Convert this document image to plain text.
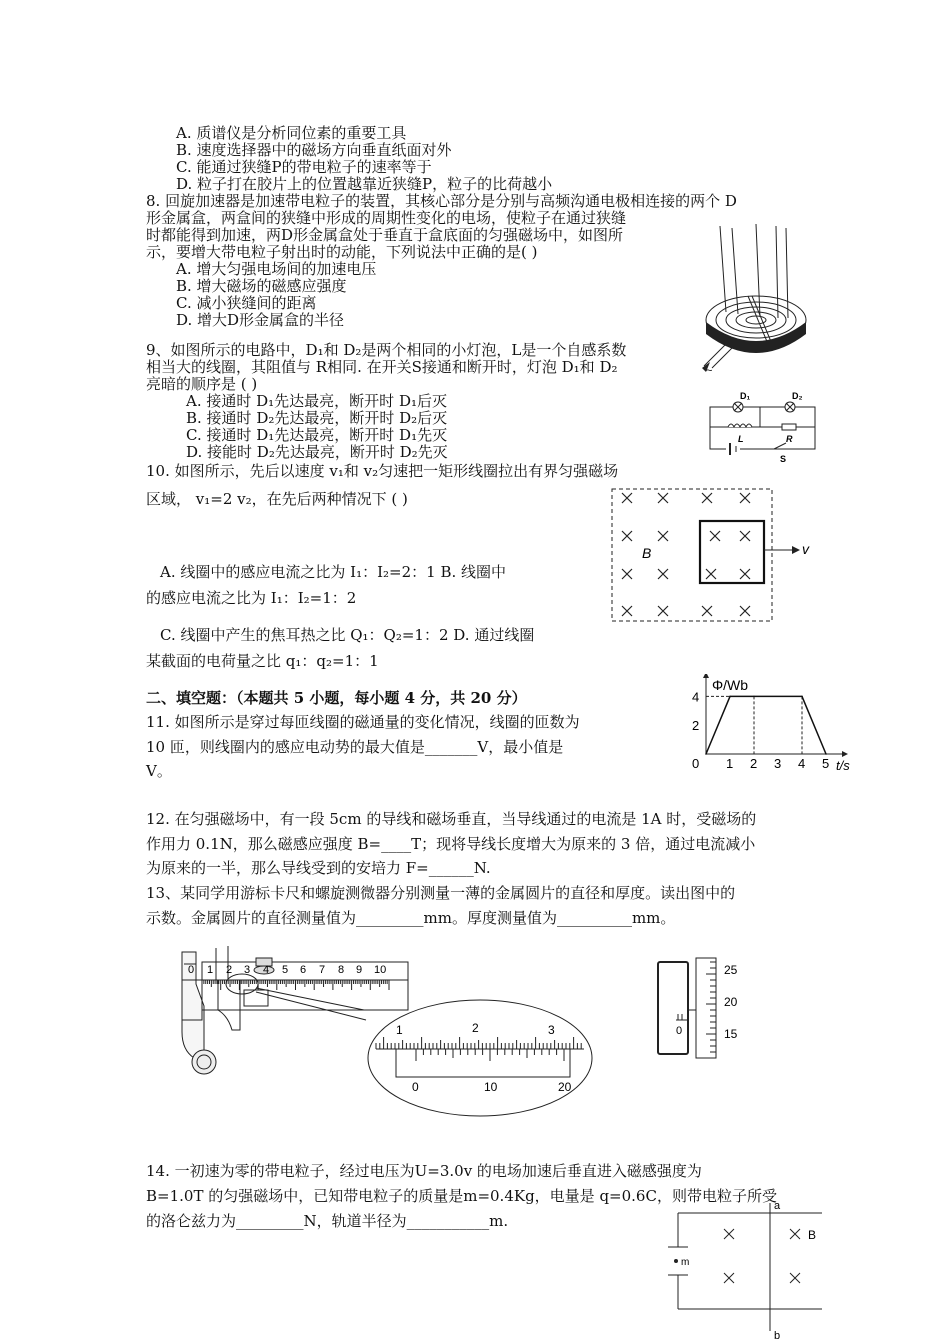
A. 质谱仪是分析同位素的重要工具
B. 速度选择器中的磁场方向垂直纸面对外
C. 能通过狭缝P的带电粒子的速率等于
D. 粒子打在胶片上的位置越靠近狭缝P，粒子的比荷越小
8. 回旋加速器是加速带电粒子的装置，其核心部分是分别与高频沟通电极相连接的两个 D
形金属盒，两盒间的狭缝中形成的周期性变化的电场，使粒子在通过狭缝
时都能得到加速，两D形金属盒处于垂直于盒底面的匀强磁场中，如图所
示，要增大带电粒子射出时的动能，下列说法中正确的是( )
A. 增大匀强电场间的加速电压
B. 增大磁场的磁感应强度
C. 减小狭缝间的距离
D. 增大D形金属盒的半径
~
9、如图所示的电路中，D₁和 D₂是两个相同的小灯泡，L是一个自感系数
相当大的线圈，其阻值与 R相同. 在开关S接通和断开时，灯泡 D₁和 D₂
亮暗的顺序是 ( )
A. 接通时 D₁先达最亮，断开时 D₁后灭
B. 接通时 D₂先达最亮，断开时 D₂后灭
C. 接通时 D₁先达最亮，断开时 D₁先灭
D. 接能时 D₂先达最亮，断开时 D₂先灭
D₁	D₂
L	R
S
10. 如图所示，先后以速度 v₁和 v₂匀速把一矩形线圈拉出有界匀强磁场
区域， v₁=2 v₂，在先后两种情况下 ( )
A. 线圈中的感应电流之比为 I₁：I₂=2：1 B. 线圈中
的感应电流之比为 I₁：I₂=1：2
C. 线圈中产生的焦耳热之比 Q₁：Q₂=1：2 D. 通过线圈
某截面的电荷量之比 q₁：q₂=1：1
B	v
二、填空题：（本题共 5 小题，每小题 4 分，共 20 分）
11. 如图所示是穿过每匝线圈的磁通量的变化情况，线圈的匝数为
10 匝，则线圈内的感应电动势的最大值是_______V，最小值是
V。
Φ/Wb
t/s
0 1 2 3 4 5
2
4
12. 在匀强磁场中，有一段 5cm 的导线和磁场垂直，当导线通过的电流是 1A 时，受磁场的
作用力 0.1N，那么磁感应强度 B=____T；现将导线长度增大为原来的 3 倍，通过电流减小
为原来的一半，那么导线受到的安培力 F=______N.
13、某同学用游标卡尺和螺旋测微器分别测量一薄的金属圆片的直径和厚度。读出图中的
示数。金属圆片的直径测量值为_________mm。厚度测量值为__________mm。
0 1 2 3 4 5 6 7 8 9 10
1	2	3
0	10	20
25
20
15
0
14. 一初速为零的带电粒子，经过电压为U=3.0v 的电场加速后垂直进入磁感强度为
B=1.0T 的匀强磁场中，已知带电粒子的质量是m=0.4Kg，电量是 q=0.6C，则带电粒子所受
的洛仑兹力为_________N，轨道半径为___________m.
m
a
b
B
